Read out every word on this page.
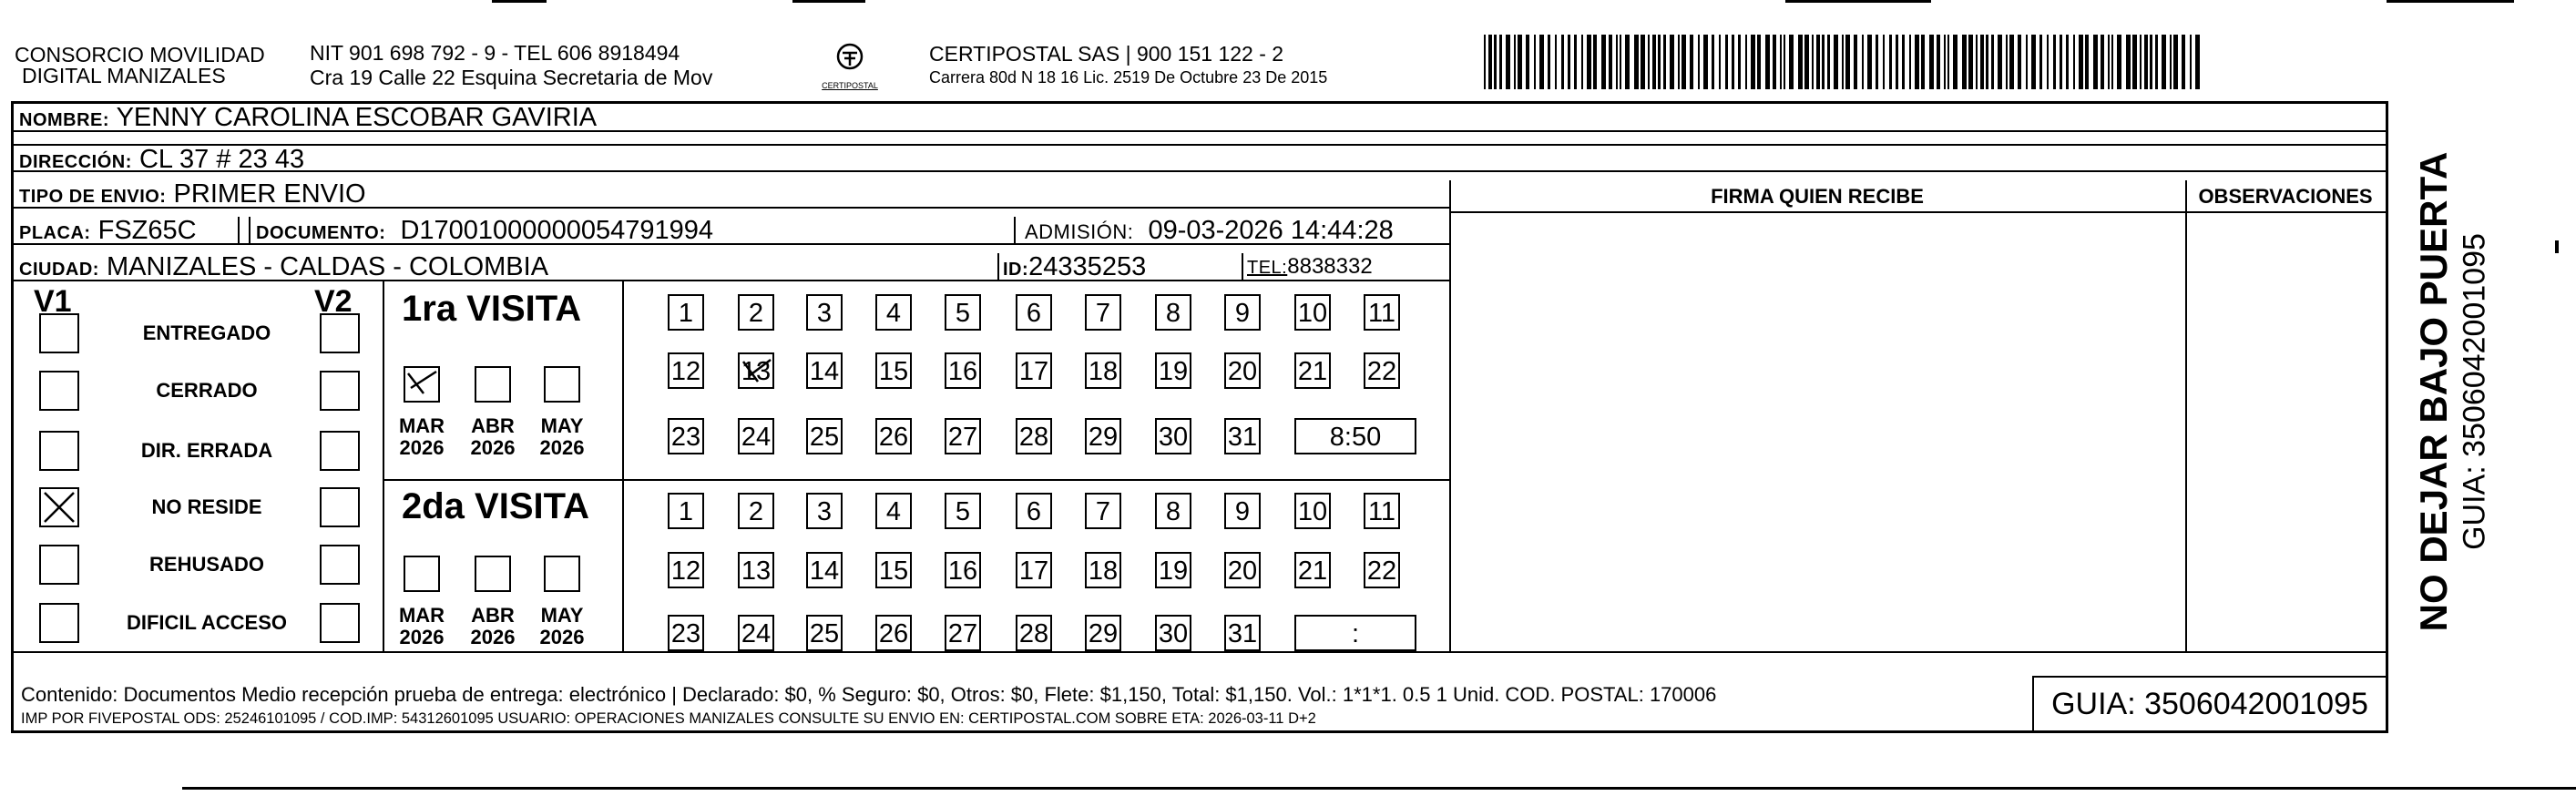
CONSORCIO MOVILIDAD
DIGITAL MANIZALES
NIT 901 698 792 - 9 - TEL 606 8918494
Cra 19 Calle 22 Esquina Secretaria de Mov	CERTIPOSTAL
CERTIPOSTAL SAS | 900 151 122 - 2
Carrera 80d N 18 16 Lic. 2519 De Octubre 23 De 2015
NOMBRE: YENNY CAROLINA ESCOBAR GAVIRIA
DIRECCIÓN: CL 37 # 23 43
TIPO DE ENVIO: PRIMER ENVIO
PLACA: FSZ65C	DOCUMENTO: D17001000000054791994	ADMISIÓN: 09-03-2026 14:44:28
CIUDAD: MANIZALES - CALDAS - COLOMBIA	ID:24335253	TEL:8838332
FIRMA QUIEN RECIBE	OBSERVACIONES
V1	V2
ENTREGADO
CERRADO
DIR. ERRADA
NO RESIDE
REHUSADO
DIFICIL ACCESO
1ra VISITA
2da VISITA
MAR
2026
ABR
2026
MAY
2026
MAR
2026
ABR
2026
MAY
2026
1	2	3	4	5	6	7	8	9	10 11
12 13 14 15 16 17 18 19 20 21 22
23 24 25 26 27 28 29 30 31	8:50
1	2	3	4	5	6	7	8	9	10 11
12 13 14 15 16 17 18 19 20 21 22
23 24 25 26 27 28 29 30 31	:
Contenido: Documentos Medio recepción prueba de entrega: electrónico | Declarado: $0, % Seguro: $0, Otros: $0, Flete: $1,150, Total: $1,150. Vol.: 1*1*1. 0.5 1 Unid. COD. POSTAL: 170006
IMP POR FIVEPOSTAL ODS: 25246101095 / COD.IMP: 54312601095 USUARIO: OPERACIONES MANIZALES CONSULTE SU ENVIO EN: CERTIPOSTAL.COM SOBRE ETA: 2026-03-11 D+2	GUIA: 3506042001095
NO DEJAR BAJO PUERTA GUIA: 3506042001095
